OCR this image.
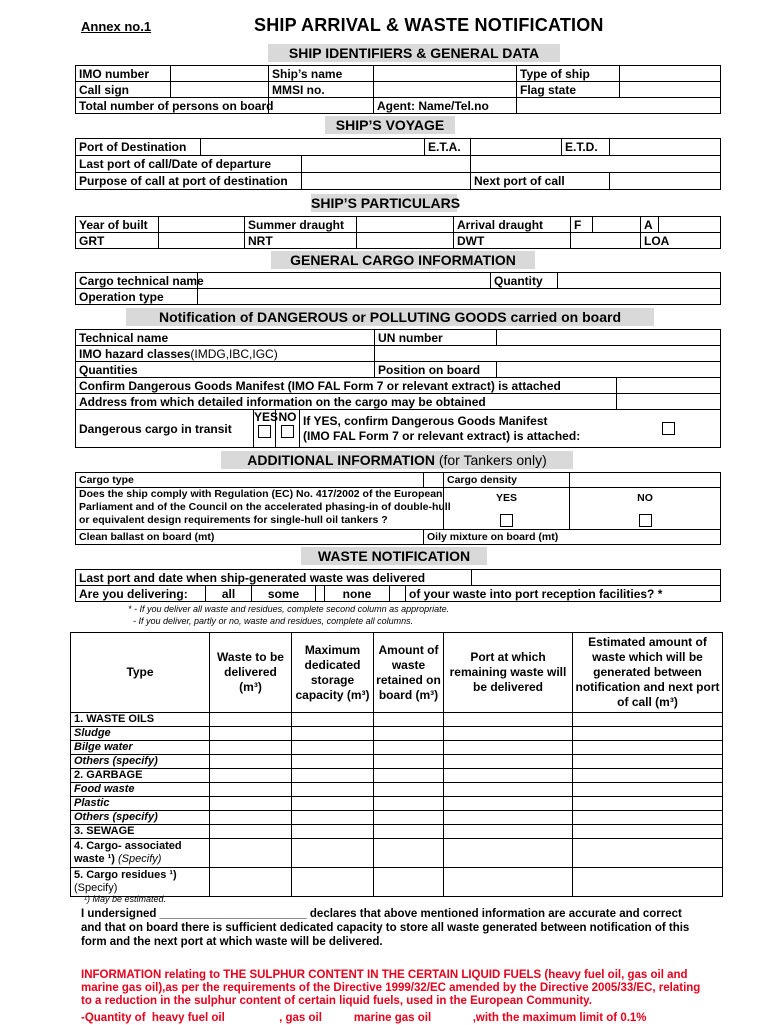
Annex no.1	SHIP ARRIVAL & WASTE NOTIFICATION
SHIP IDENTIFIERS & GENERAL DATA
IMO number		Ship’s name		Type of ship	
Call sign		MMSI no.		Flag state	
Total number of persons on board			Agent: Name/Tel.no		
SHIP’S VOYAGE
Port of Destination			E.T.A.		E.T.D.	
Last port of call/Date of departure						
Purpose of call at port of destination				Next port of call		
SHIP’S PARTICULARS
Year of built		Summer draught		Arrival draught	F		A	
GRT		NRT		DWT			LOA	
GENERAL CARGO INFORMATION
Cargo technical name		Quantity	
Operation type			
Notification of DANGEROUS or POLLUTING GOODS carried on board
Technical name				UN number		
IMO hazard classes(IMDG,IBC,IGC)						
Quantities				Position on board		
Confirm Dangerous Goods Manifest (IMO FAL Form 7 or relevant extract) is attached						
Address from which detailed information on the cargo may be obtained						
Dangerous cargo in transit	YES	NO	If YES, confirm Dangerous Goods Manifest
(IMO FAL Form 7 or relevant extract) is attached:			
ADDITIONAL INFORMATION (for Tankers only)
Cargo type		Cargo density	

Does the ship comply with Regulation (EC) No. 417/2002 of the European
Parliament and of the Council on the accelerated phasing-in of double-hull
or equivalent design requirements for single-hull oil tankers ?		YES	NO

Clean ballast on board (mt)	Oily mixture on board (mt)		
WASTE NOTIFICATION
Last port and date when ship-generated waste was delivered							
Are you delivering:	all	some		none		of your waste into port reception facilities? *	
* - If you deliver all waste and residues, complete second column as appropriate.
- If you deliver, partly or no, waste and residues, complete all columns.
Type	Waste to be delivered (m³)	Maximum dedicated storage capacity (m³)	Amount of waste retained on board (m³)	Port at which remaining waste will be delivered	Estimated amount of waste which will be generated between notification and next port of call (m³)
1. WASTE OILS					
Sludge					
Bilge water					
Others (specify)					
2. GARBAGE					
Food waste					
Plastic					
Others (specify)					
3. SEWAGE					

4. Cargo- associated
waste ¹) (Specify)					

5. Cargo residues ¹)
(Specify)					

¹) May be estimated.
I undersigned _______________________ declares that above mentioned information are accurate and correct
and that on board there is sufficient dedicated capacity to store all waste generated between notification of this
form and the next port at which waste will be delivered.
INFORMATION relating to THE SULPHUR CONTENT IN THE CERTAIN LIQUID FUELS (heavy fuel oil, gas oil and
marine gas oil),as per the requirements of the Directive 1999/32/EC amended by the Directive 2005/33/EC, relating
to a reduction in the sulphur content of certain liquid fuels, used in the European Community.
-Quantity of  heavy fuel oil                 , gas oil          marine gas oil             ,with the maximum limit of 0.1%
